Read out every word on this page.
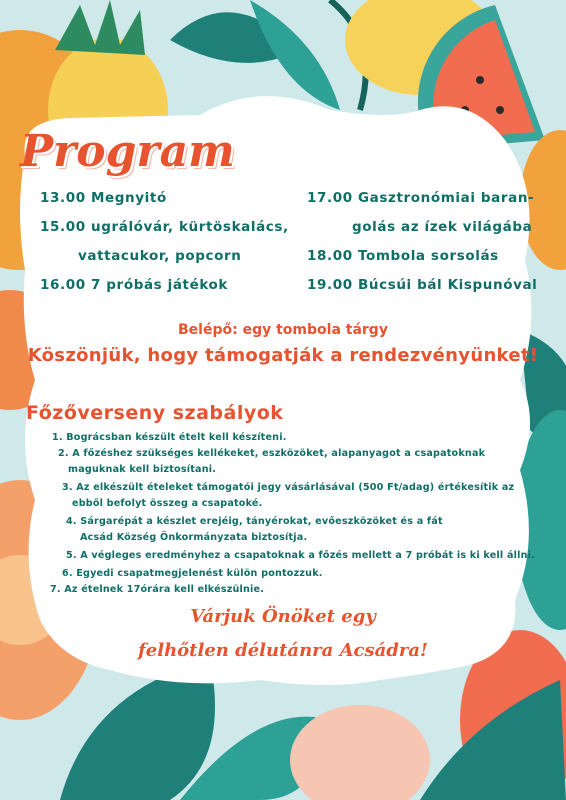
Program
13.00 Megnyitó
15.00 ugrálóvár, kürtöskalács,
vattacukor, popcorn
16.00 7 próbás játékok
17.00 Gasztronómiai baran-
golás az ízek világába
18.00 Tombola sorsolás
19.00 Búcsúi bál Kispunóval
Belépő: egy tombola tárgy
Köszönjük, hogy támogatják a rendezvényünket!
Főzőverseny szabályok
1. Bográcsban készült ételt kell készíteni.
2. A főzéshez szükséges kellékeket, eszközöket, alapanyagot a csapatoknak
maguknak kell biztosítani.
3. Az elkészült ételeket támogatói jegy vásárlásával (500 Ft/adag) értékesítik az
ebből befolyt összeg a csapatoké.
4. Sárgarépát a készlet erejéig, tányérokat, evőeszközöket és a fát
Acsád Község Önkormányzata biztosítja.
5. A végleges eredményhez a csapatoknak a főzés mellett a 7 próbát is ki kell állni.
6. Egyedi csapatmegjelenést külön pontozzuk.
7. Az ételnek 17órára kell elkészülnie.
Várjuk Önöket egy
felhőtlen délutánra Acsádra!
